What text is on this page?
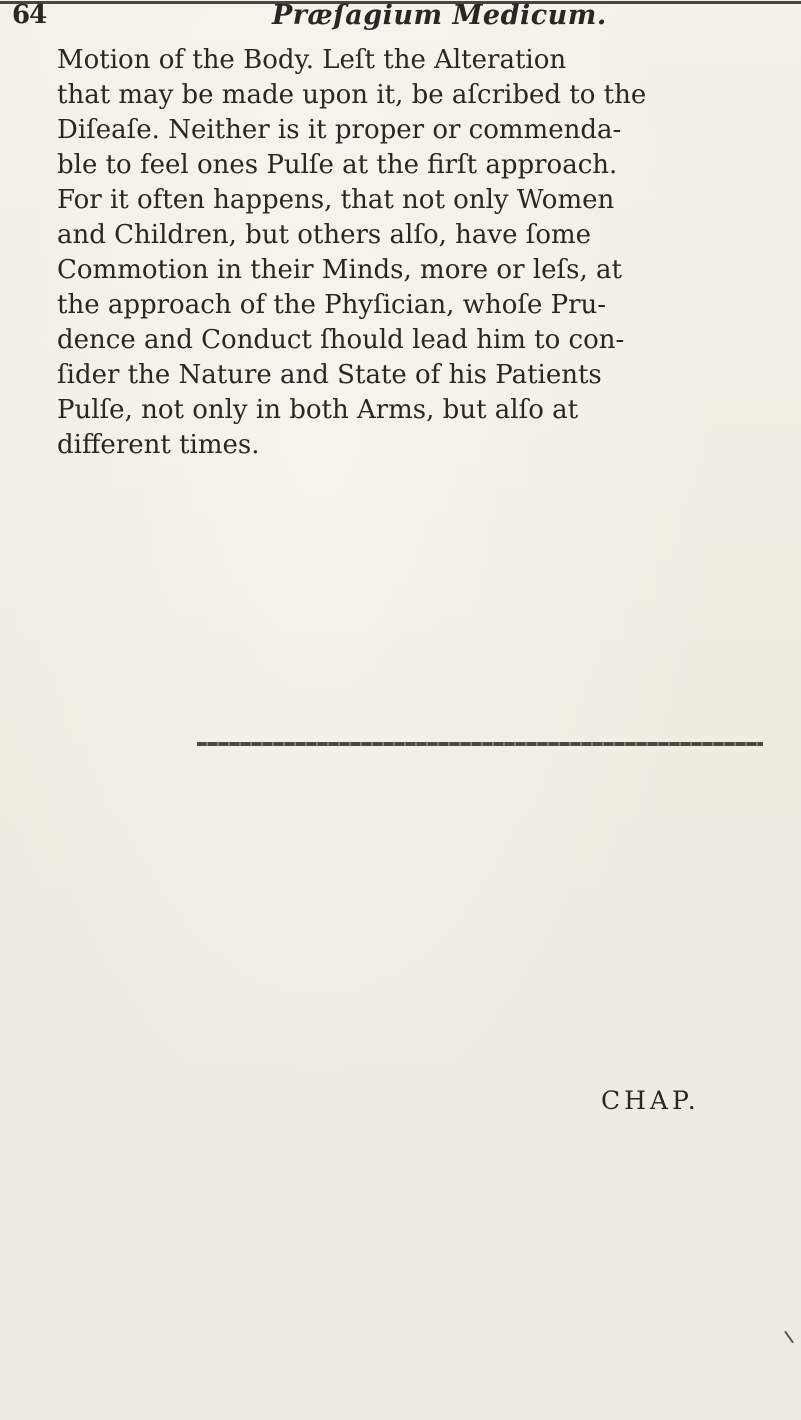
64	Præſagium Medicum.

Motion of the Body. Leſt the Alteration
that may be made upon it, be aſcribed to the
Diſeaſe. Neither is it proper or commenda-
ble to feel ones Pulſe at the firſt approach.
For it often happens, that not only Women
and Children, but others alſo, have ſome
Commotion in their Minds, more or leſs, at
the approach of the Phyſician, whoſe Pru-
dence and Conduct ſhould lead him to con-
ſider the Nature and State of his Patients
Pulſe, not only in both Arms, but alſo at
different times.

CHAP.
